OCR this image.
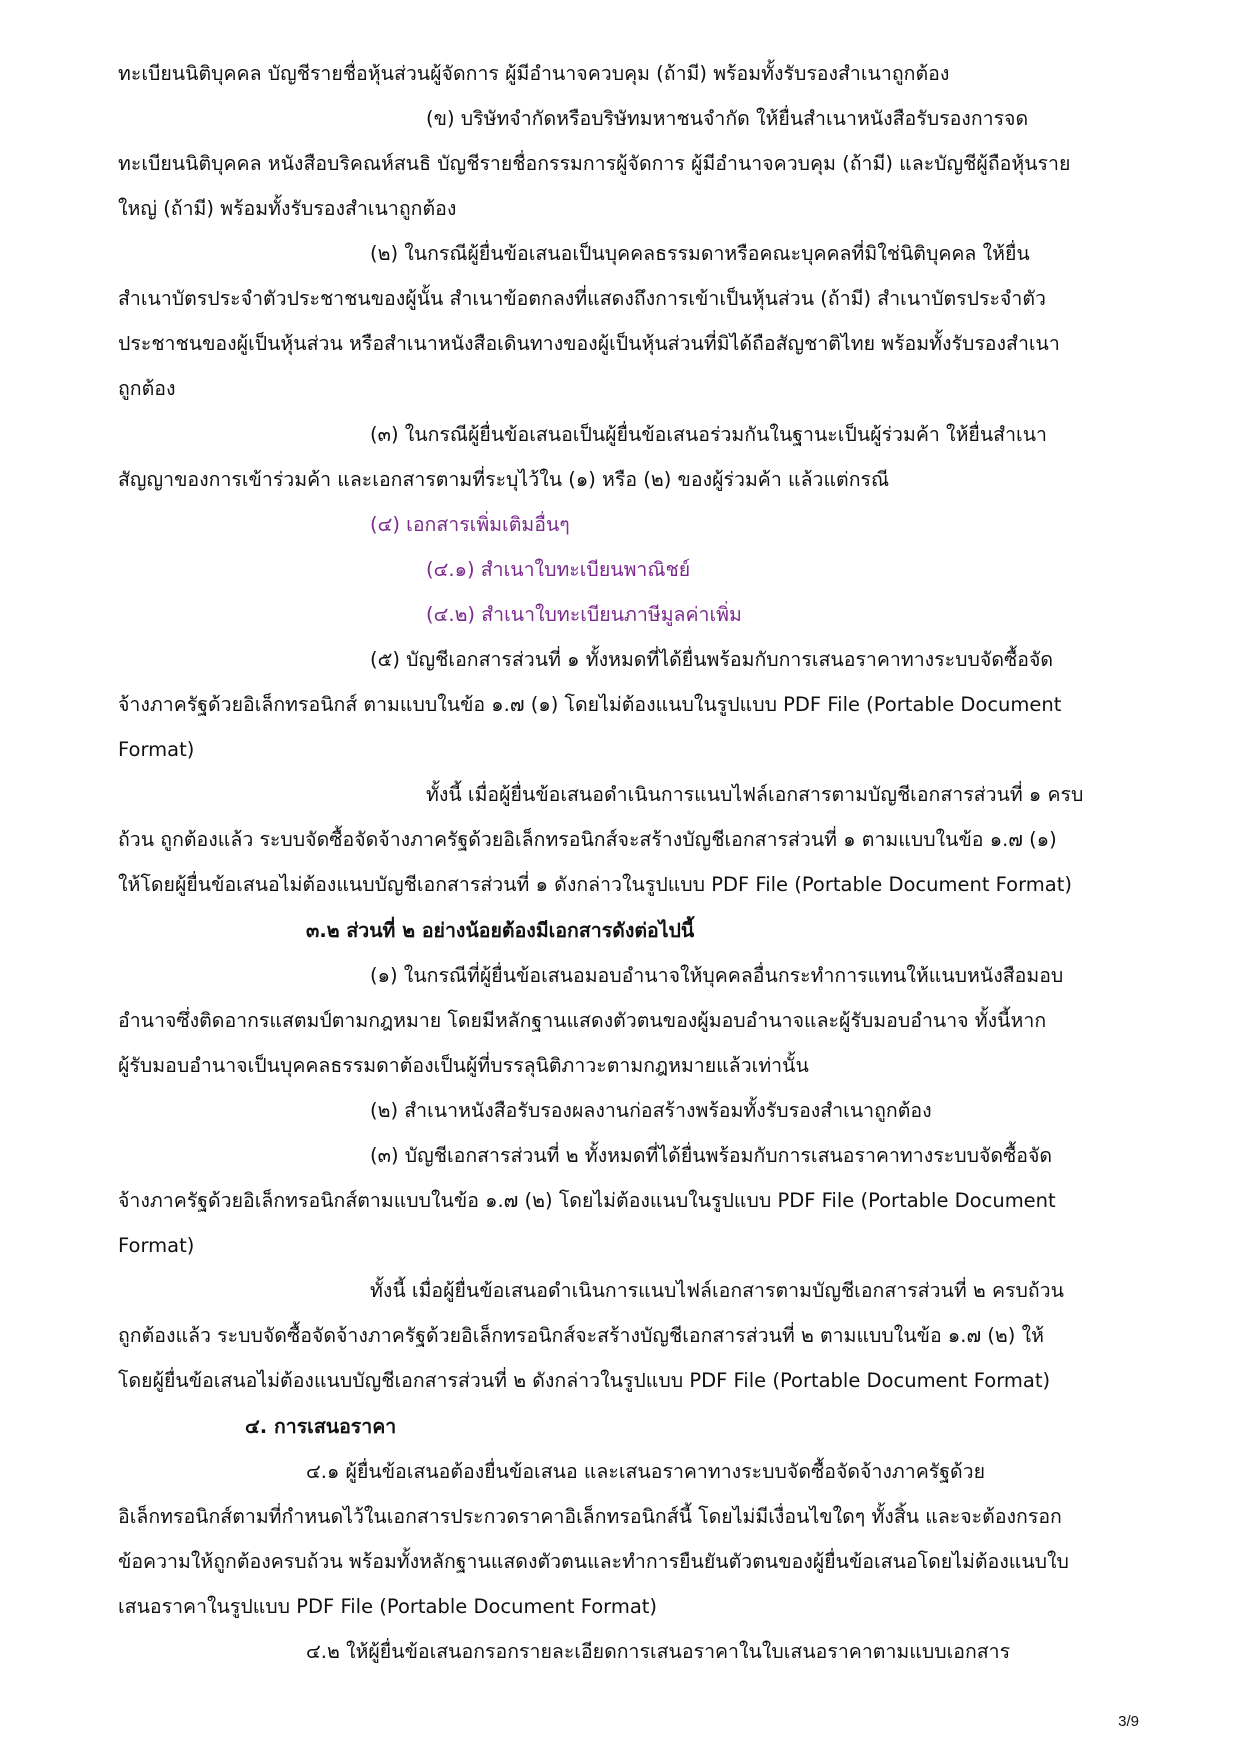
ทะเบียนนิติบุคคล บัญชีรายชื่อหุ้นส่วนผู้จัดการ ผู้มีอำนาจควบคุม (ถ้ามี) พร้อมทั้งรับรองสำเนาถูกต้อง
(ข) บริษัทจำกัดหรือบริษัทมหาชนจำกัด ให้ยื่นสำเนาหนังสือรับรองการจด
ทะเบียนนิติบุคคล หนังสือบริคณห์สนธิ บัญชีรายชื่อกรรมการผู้จัดการ ผู้มีอำนาจควบคุม (ถ้ามี) และบัญชีผู้ถือหุ้นราย
ใหญ่ (ถ้ามี) พร้อมทั้งรับรองสำเนาถูกต้อง
(๒) ในกรณีผู้ยื่นข้อเสนอเป็นบุคคลธรรมดาหรือคณะบุคคลที่มิใช่นิติบุคคล ให้ยื่น
สำเนาบัตรประจำตัวประชาชนของผู้นั้น สำเนาข้อตกลงที่แสดงถึงการเข้าเป็นหุ้นส่วน (ถ้ามี) สำเนาบัตรประจำตัว
ประชาชนของผู้เป็นหุ้นส่วน หรือสำเนาหนังสือเดินทางของผู้เป็นหุ้นส่วนที่มิได้ถือสัญชาติไทย พร้อมทั้งรับรองสำเนา
ถูกต้อง
(๓) ในกรณีผู้ยื่นข้อเสนอเป็นผู้ยื่นข้อเสนอร่วมกันในฐานะเป็นผู้ร่วมค้า ให้ยื่นสำเนา
สัญญาของการเข้าร่วมค้า และเอกสารตามที่ระบุไว้ใน (๑) หรือ (๒) ของผู้ร่วมค้า แล้วแต่กรณี
(๔) เอกสารเพิ่มเติมอื่นๆ
(๔.๑) สำเนาใบทะเบียนพาณิชย์
(๔.๒) สำเนาใบทะเบียนภาษีมูลค่าเพิ่ม
(๕) บัญชีเอกสารส่วนที่ ๑ ทั้งหมดที่ได้ยื่นพร้อมกับการเสนอราคาทางระบบจัดซื้อจัด
จ้างภาครัฐด้วยอิเล็กทรอนิกส์ ตามแบบในข้อ ๑.๗ (๑) โดยไม่ต้องแนบในรูปแบบ PDF File (Portable Document
Format)
ทั้งนี้ เมื่อผู้ยื่นข้อเสนอดำเนินการแนบไฟล์เอกสารตามบัญชีเอกสารส่วนที่ ๑ ครบ
ถ้วน ถูกต้องแล้ว ระบบจัดซื้อจัดจ้างภาครัฐด้วยอิเล็กทรอนิกส์จะสร้างบัญชีเอกสารส่วนที่ ๑ ตามแบบในข้อ ๑.๗ (๑)
ให้โดยผู้ยื่นข้อเสนอไม่ต้องแนบบัญชีเอกสารส่วนที่ ๑ ดังกล่าวในรูปแบบ PDF File (Portable Document Format)
๓.๒ ส่วนที่ ๒ อย่างน้อยต้องมีเอกสารดังต่อไปนี้
(๑) ในกรณีที่ผู้ยื่นข้อเสนอมอบอำนาจให้บุคคลอื่นกระทำการแทนให้แนบหนังสือมอบ
อำนาจซึ่งติดอากรแสตมป์ตามกฎหมาย โดยมีหลักฐานแสดงตัวตนของผู้มอบอำนาจและผู้รับมอบอำนาจ ทั้งนี้หาก
ผู้รับมอบอำนาจเป็นบุคคลธรรมดาต้องเป็นผู้ที่บรรลุนิติภาวะตามกฎหมายแล้วเท่านั้น
(๒) สำเนาหนังสือรับรองผลงานก่อสร้างพร้อมทั้งรับรองสำเนาถูกต้อง
(๓) บัญชีเอกสารส่วนที่ ๒ ทั้งหมดที่ได้ยื่นพร้อมกับการเสนอราคาทางระบบจัดซื้อจัด
จ้างภาครัฐด้วยอิเล็กทรอนิกส์ตามแบบในข้อ ๑.๗ (๒) โดยไม่ต้องแนบในรูปแบบ PDF File (Portable Document
Format)
ทั้งนี้ เมื่อผู้ยื่นข้อเสนอดำเนินการแนบไฟล์เอกสารตามบัญชีเอกสารส่วนที่ ๒ ครบถ้วน
ถูกต้องแล้ว ระบบจัดซื้อจัดจ้างภาครัฐด้วยอิเล็กทรอนิกส์จะสร้างบัญชีเอกสารส่วนที่ ๒ ตามแบบในข้อ ๑.๗ (๒) ให้
โดยผู้ยื่นข้อเสนอไม่ต้องแนบบัญชีเอกสารส่วนที่ ๒ ดังกล่าวในรูปแบบ PDF File (Portable Document Format)
๔. การเสนอราคา
๔.๑ ผู้ยื่นข้อเสนอต้องยื่นข้อเสนอ และเสนอราคาทางระบบจัดซื้อจัดจ้างภาครัฐด้วย
อิเล็กทรอนิกส์ตามที่กำหนดไว้ในเอกสารประกวดราคาอิเล็กทรอนิกส์นี้ โดยไม่มีเงื่อนไขใดๆ ทั้งสิ้น และจะต้องกรอก
ข้อความให้ถูกต้องครบถ้วน พร้อมทั้งหลักฐานแสดงตัวตนและทำการยืนยันตัวตนของผู้ยื่นข้อเสนอโดยไม่ต้องแนบใบ
เสนอราคาในรูปแบบ PDF File (Portable Document Format)
๔.๒ ให้ผู้ยื่นข้อเสนอกรอกรายละเอียดการเสนอราคาในใบเสนอราคาตามแบบเอกสาร
3/9
